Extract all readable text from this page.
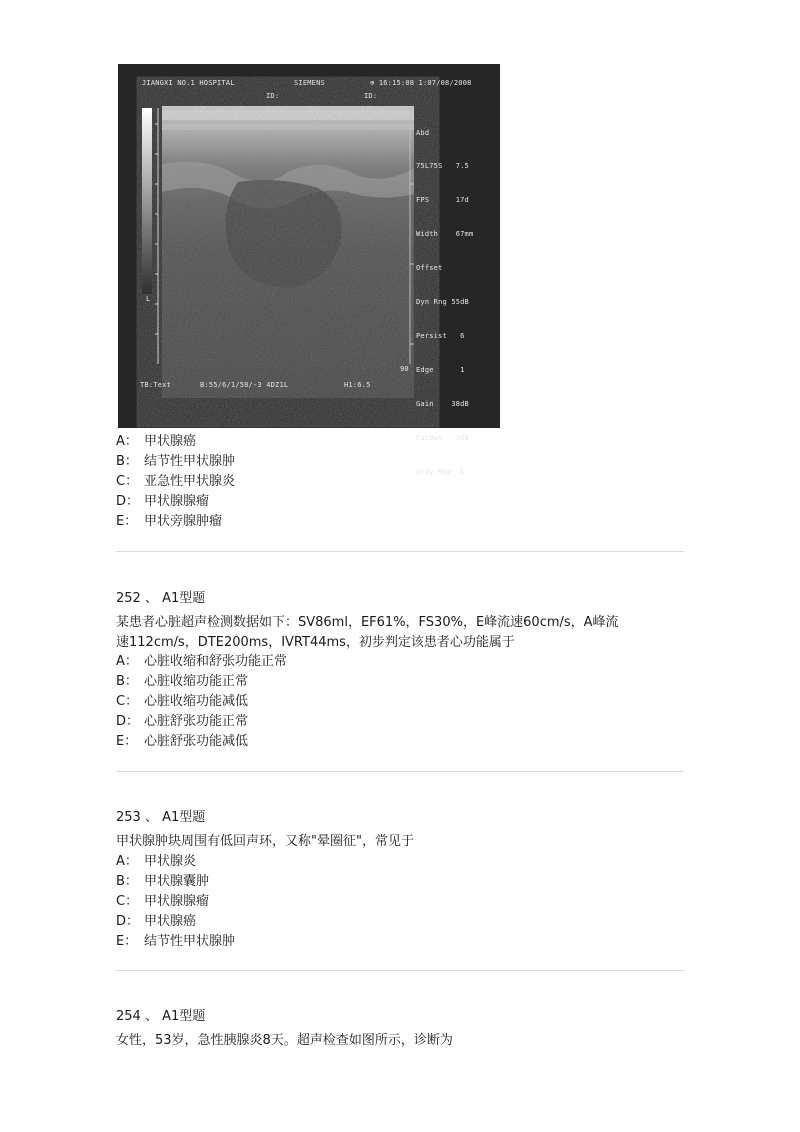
JIANGXI NO.1 HOSPITAL	SIEMENS	⊕ 16:15:08 1:07/08/2008
ID:	ID:

Abd

75L75S   7.5

FPS      17d

Width    67mm

Offset

Dyn Rng 55dB

Persist   6

Edge      1

Gain    38dB

Output  -3dB

Gray Map  L

L
90
TB:Text	B:55/6/1/58/-3 4DZ1L	H1:6.5
A： 甲状腺癌
B： 结节性甲状腺肿
C： 亚急性甲状腺炎
D： 甲状腺腺瘤
E： 甲状旁腺肿瘤
252 、 A1型题
某患者心脏超声检测数据如下：SV86ml，EF61%，FS30%，E峰流速60cm/s，A峰流
速112cm/s，DTE200ms，IVRT44ms，初步判定该患者心功能属于
A： 心脏收缩和舒张功能正常
B： 心脏收缩功能正常
C： 心脏收缩功能减低
D： 心脏舒张功能正常
E： 心脏舒张功能减低
253 、 A1型题
甲状腺肿块周围有低回声环，又称"晕圈征"，常见于
A： 甲状腺炎
B： 甲状腺囊肿
C： 甲状腺腺瘤
D： 甲状腺癌
E： 结节性甲状腺肿
254 、 A1型题
女性，53岁，急性胰腺炎8天。超声检查如图所示，诊断为
